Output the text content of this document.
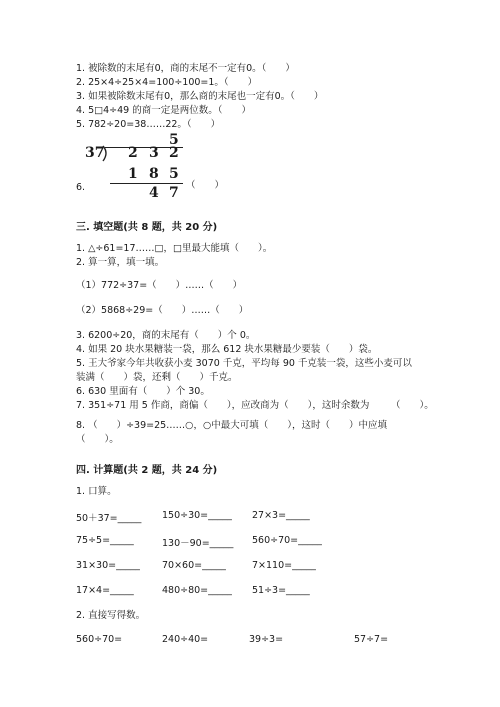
1. 被除数的末尾有0，商的末尾不一定有0。（　　）
2. 25×4÷25×4=100÷100=1。（　　）
3. 如果被除数末尾有0，那么商的末尾也一定有0。（　　）
4. 5□4÷49 的商一定是两位数。（　　）
5. 782÷20=38……22。（　　）
5
37 2 3 2
1 8 5
4 7
6.	（　　）
三. 填空题(共 8 题，共 20 分)
1. △÷61=17……□，□里最大能填（　　）。
2. 算一算，填一填。
（1）772÷37=（　　）……（　　）
（2）5868÷29=（　　）……（　　）
3. 6200÷20，商的末尾有（　　）个 0。
4. 如果 20 块水果糖装一袋，那么 612 块水果糖最少要装（　　）袋。
5. 王大爷家今年共收获小麦 3070 千克，平均每 90 千克装一袋，这些小麦可以
装满（　　）袋，还剩（　　）千克。
6. 630 里面有（　　）个 30。
7. 351÷71 用 5 作商，商偏（　　），应改商为（　　），这时余数为 （　　）。
8. （　　）÷39=25……○，○中最大可填（　　），这时（　　）中应填
（　　）。
四. 计算题(共 2 题，共 24 分)
1. 口算。
50＋37=_____ 150÷30=_____ 27×3=_____
75÷5=_____	130－90=_____ 560÷70=_____
31×30=_____ 70×60=_____	7×110=_____
17×4=_____	480÷80=_____ 51÷3=_____
2. 直接写得数。
560÷70=	240÷40=	39÷3=	57÷7=
